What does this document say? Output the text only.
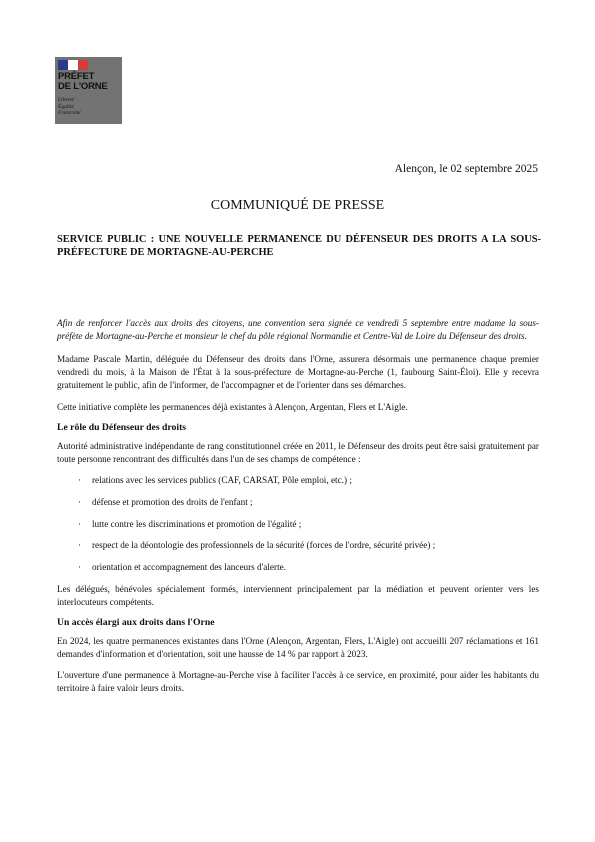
PRÉFET
DE L'ORNE
Liberté
Égalité
Fraternité
Alençon, le 02 septembre 2025
COMMUNIQUÉ DE PRESSE
SERVICE PUBLIC : UNE NOUVELLE PERMANENCE DU DÉFENSEUR DES DROITS A LA SOUS-PRÉFECTURE DE MORTAGNE-AU-PERCHE

Afin de renforcer l'accès aux droits des citoyens, une convention sera signée ce vendredi 5 septembre entre madame la sous-préfète de Mortagne-au-Perche et monsieur le chef du pôle régional Normandie et Centre-Val de Loire du Défenseur des droits.

Madame Pascale Martin, déléguée du Défenseur des droits dans l'Orne, assurera désormais une permanence chaque premier vendredi du mois, à la Maison de l'État à la sous-préfecture de Mortagne-au-Perche (1, faubourg Saint-Éloi). Elle y recevra gratuitement le public, afin de l'informer, de l'accompagner et de l'orienter dans ses démarches.

Cette initiative complète les permanences déjà existantes à Alençon, Argentan, Flers et L'Aigle.

Le rôle du Défenseur des droits

Autorité administrative indépendante de rang constitutionnel créée en 2011, le Défenseur des droits peut être saisi gratuitement par toute personne rencontrant des difficultés dans l'un de ses champs de compétence :

· relations avec les services publics (CAF, CARSAT, Pôle emploi, etc.) ;
· défense et promotion des droits de l'enfant ;
· lutte contre les discriminations et promotion de l'égalité ;
· respect de la déontologie des professionnels de la sécurité (forces de l'ordre, sécurité privée) ;
· orientation et accompagnement des lanceurs d'alerte.

Les délégués, bénévoles spécialement formés, interviennent principalement par la médiation et peuvent orienter vers les interlocuteurs compétents.

Un accès élargi aux droits dans l'Orne

En 2024, les quatre permanences existantes dans l'Orne (Alençon, Argentan, Flers, L'Aigle) ont accueilli 207 réclamations et 161 demandes d'information et d'orientation, soit une hausse de 14 % par rapport à 2023.

L'ouverture d'une permanence à Mortagne-au-Perche vise à faciliter l'accès à ce service, en proximité, pour aider les habitants du territoire à faire valoir leurs droits.
